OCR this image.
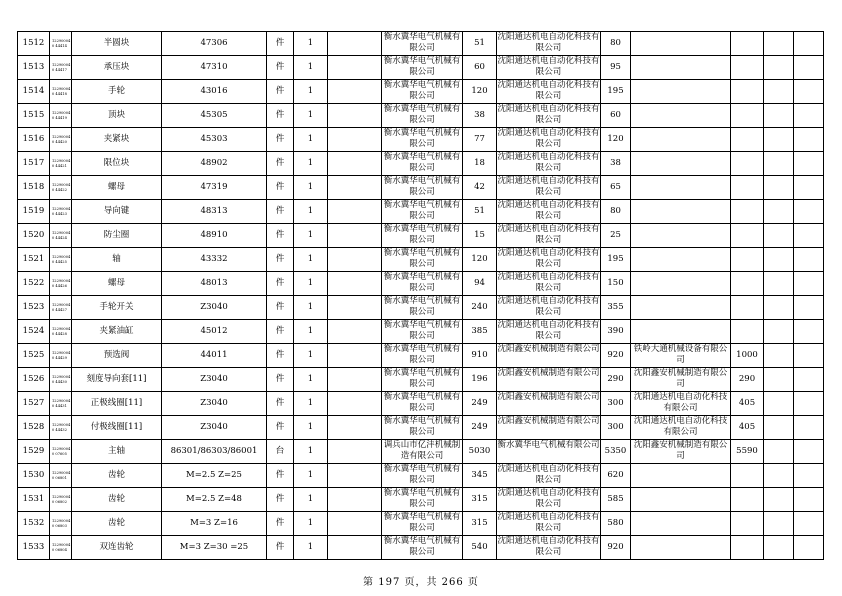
1512	122900040 44414	半圆块	47306	件	1		衡水冀华电气机械有限公司	51	沈阳通达机电自动化科技有限公司	80				
1513	122900040 44417	承压块	47310	件	1		衡水冀华电气机械有限公司	60	沈阳通达机电自动化科技有限公司	95				
1514	122900040 44418	手轮	43016	件	1		衡水冀华电气机械有限公司	120	沈阳通达机电自动化科技有限公司	195				
1515	122900040 44419	顶块	45305	件	1		衡水冀华电气机械有限公司	38	沈阳通达机电自动化科技有限公司	60				
1516	122900040 44420	夹紧块	45303	件	1		衡水冀华电气机械有限公司	77	沈阳通达机电自动化科技有限公司	120				
1517	122900040 44421	限位块	48902	件	1		衡水冀华电气机械有限公司	18	沈阳通达机电自动化科技有限公司	38				
1518	122900040 44422	螺母	47319	件	1		衡水冀华电气机械有限公司	42	沈阳通达机电自动化科技有限公司	65				
1519	122900040 44423	导向键	48313	件	1		衡水冀华电气机械有限公司	51	沈阳通达机电自动化科技有限公司	80				
1520	122900040 44424	防尘圈	48910	件	1		衡水冀华电气机械有限公司	15	沈阳通达机电自动化科技有限公司	25				
1521	122900040 44425	轴	43332	件	1		衡水冀华电气机械有限公司	120	沈阳通达机电自动化科技有限公司	195				
1522	122900040 44426	螺母	48013	件	1		衡水冀华电气机械有限公司	94	沈阳通达机电自动化科技有限公司	150				
1523	122900040 44427	手轮开关	Z3040	件	1		衡水冀华电气机械有限公司	240	沈阳通达机电自动化科技有限公司	355				
1524	122900040 44428	夹紧油缸	45012	件	1		衡水冀华电气机械有限公司	385	沈阳通达机电自动化科技有限公司	390				
1525	122900040 44429	预选阀	44011	件	1		衡水冀华电气机械有限公司	910	沈阳鑫安机械制造有限公司	920	铁岭大通机械设备有限公司	1000		
1526	122900040 44430	刻度导向套[11]	Z3040	件	1		衡水冀华电气机械有限公司	196	沈阳鑫安机械制造有限公司	290	沈阳鑫安机械制造有限公司	290		
1527	122900040 44431	正极线圈[11]	Z3040	件	1		衡水冀华电气机械有限公司	249	沈阳鑫安机械制造有限公司	300	沈阳通达机电自动化科技有限公司	405		
1528	122900040 44432	付极线圈[11]	Z3040	件	1		衡水冀华电气机械有限公司	249	沈阳鑫安机械制造有限公司	300	沈阳通达机电自动化科技有限公司	405		
1529	122900040 07605	主轴	86301/86303/86001	台	1		调兵山市亿沣机械制造有限公司	5030	衡水冀华电气机械有限公司	5350	沈阳鑫安机械制造有限公司	5590		
1530	122900040 06801	齿轮	M=2.5 Z=25	件	1		衡水冀华电气机械有限公司	345	沈阳通达机电自动化科技有限公司	620				
1531	122900040 06802	齿轮	M=2.5 Z=48	件	1		衡水冀华电气机械有限公司	315	沈阳通达机电自动化科技有限公司	585				
1532	122900040 06803	齿轮	M=3 Z=16	件	1		衡水冀华电气机械有限公司	315	沈阳通达机电自动化科技有限公司	580				
1533	122900040 06804	双连齿轮	M=3 Z=30 =25	件	1		衡水冀华电气机械有限公司	540	沈阳通达机电自动化科技有限公司	920				
第 197 页，共 266 页
